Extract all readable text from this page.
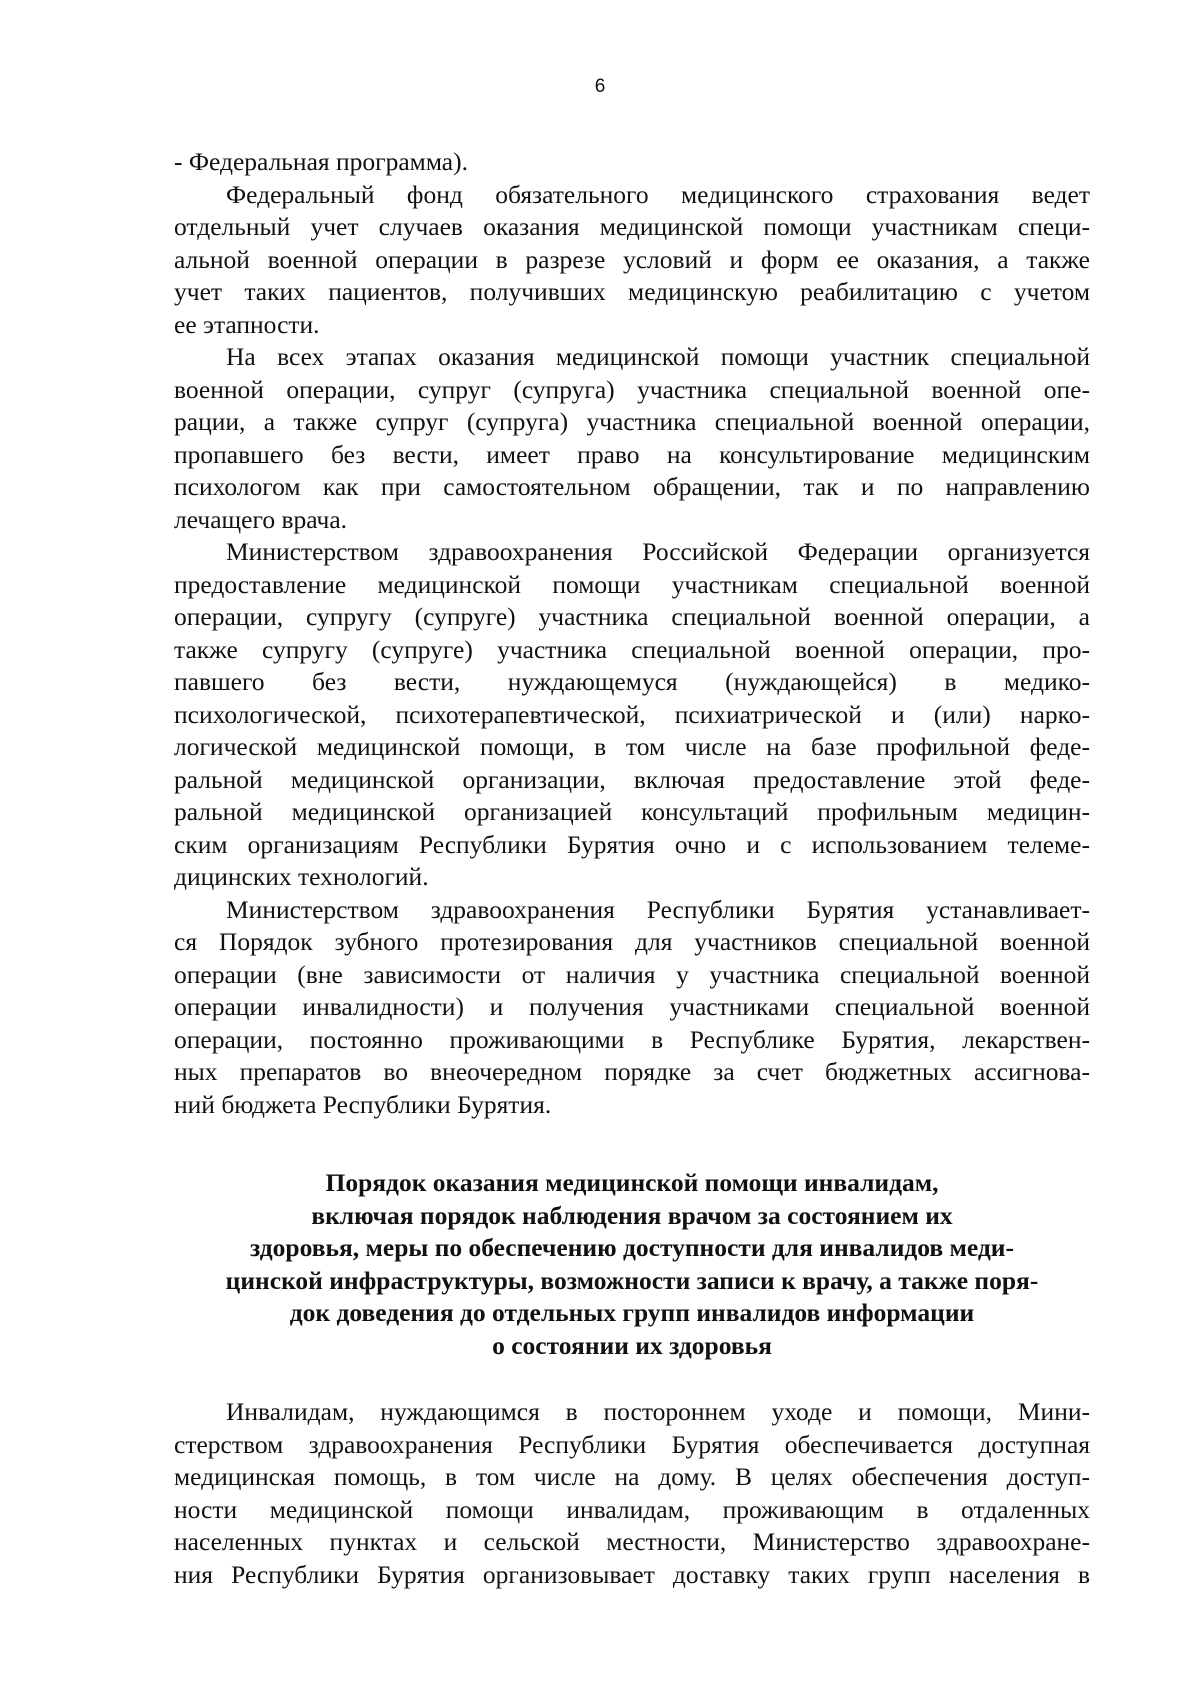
6
- Федеральная программа).
Федеральный фонд обязательного медицинского страхования ведет
отдельный учет случаев оказания медицинской помощи участникам специ-
альной военной операции в разрезе условий и форм ее оказания, а также
учет таких пациентов, получивших медицинскую реабилитацию с учетом
ее этапности.
На всех этапах оказания медицинской помощи участник специальной
военной операции, супруг (супруга) участника специальной военной опе-
рации, а также супруг (супруга) участника специальной военной операции,
пропавшего без вести, имеет право на консультирование медицинским
психологом как при самостоятельном обращении, так и по направлению
лечащего врача.
Министерством здравоохранения Российской Федерации организуется
предоставление медицинской помощи участникам специальной военной
операции, супругу (супруге) участника специальной военной операции, а
также супругу (супруге) участника специальной военной операции, про-
павшего без вести, нуждающемуся (нуждающейся) в медико-
психологической, психотерапевтической, психиатрической и (или) нарко-
логической медицинской помощи, в том числе на базе профильной феде-
ральной медицинской организации, включая предоставление этой феде-
ральной медицинской организацией консультаций профильным медицин-
ским организациям Республики Бурятия очно и с использованием телеме-
дицинских технологий.
Министерством здравоохранения Республики Бурятия устанавливает-
ся Порядок зубного протезирования для участников специальной военной
операции (вне зависимости от наличия у участника специальной военной
операции инвалидности) и получения участниками специальной военной
операции, постоянно проживающими в Республике Бурятия, лекарствен-
ных препаратов во внеочередном порядке за счет бюджетных ассигнова-
ний бюджета Республики Бурятия.
Порядок оказания медицинской помощи инвалидам,
включая порядок наблюдения врачом за состоянием их
здоровья, меры по обеспечению доступности для инвалидов меди-
цинской инфраструктуры, возможности записи к врачу, а также поря-
док доведения до отдельных групп инвалидов информации
о состоянии их здоровья
Инвалидам, нуждающимся в постороннем уходе и помощи, Мини-
стерством здравоохранения Республики Бурятия обеспечивается доступная
медицинская помощь, в том числе на дому. В целях обеспечения доступ-
ности медицинской помощи инвалидам, проживающим в отдаленных
населенных пунктах и сельской местности, Министерство здравоохране-
ния Республики Бурятия организовывает доставку таких групп населения в
